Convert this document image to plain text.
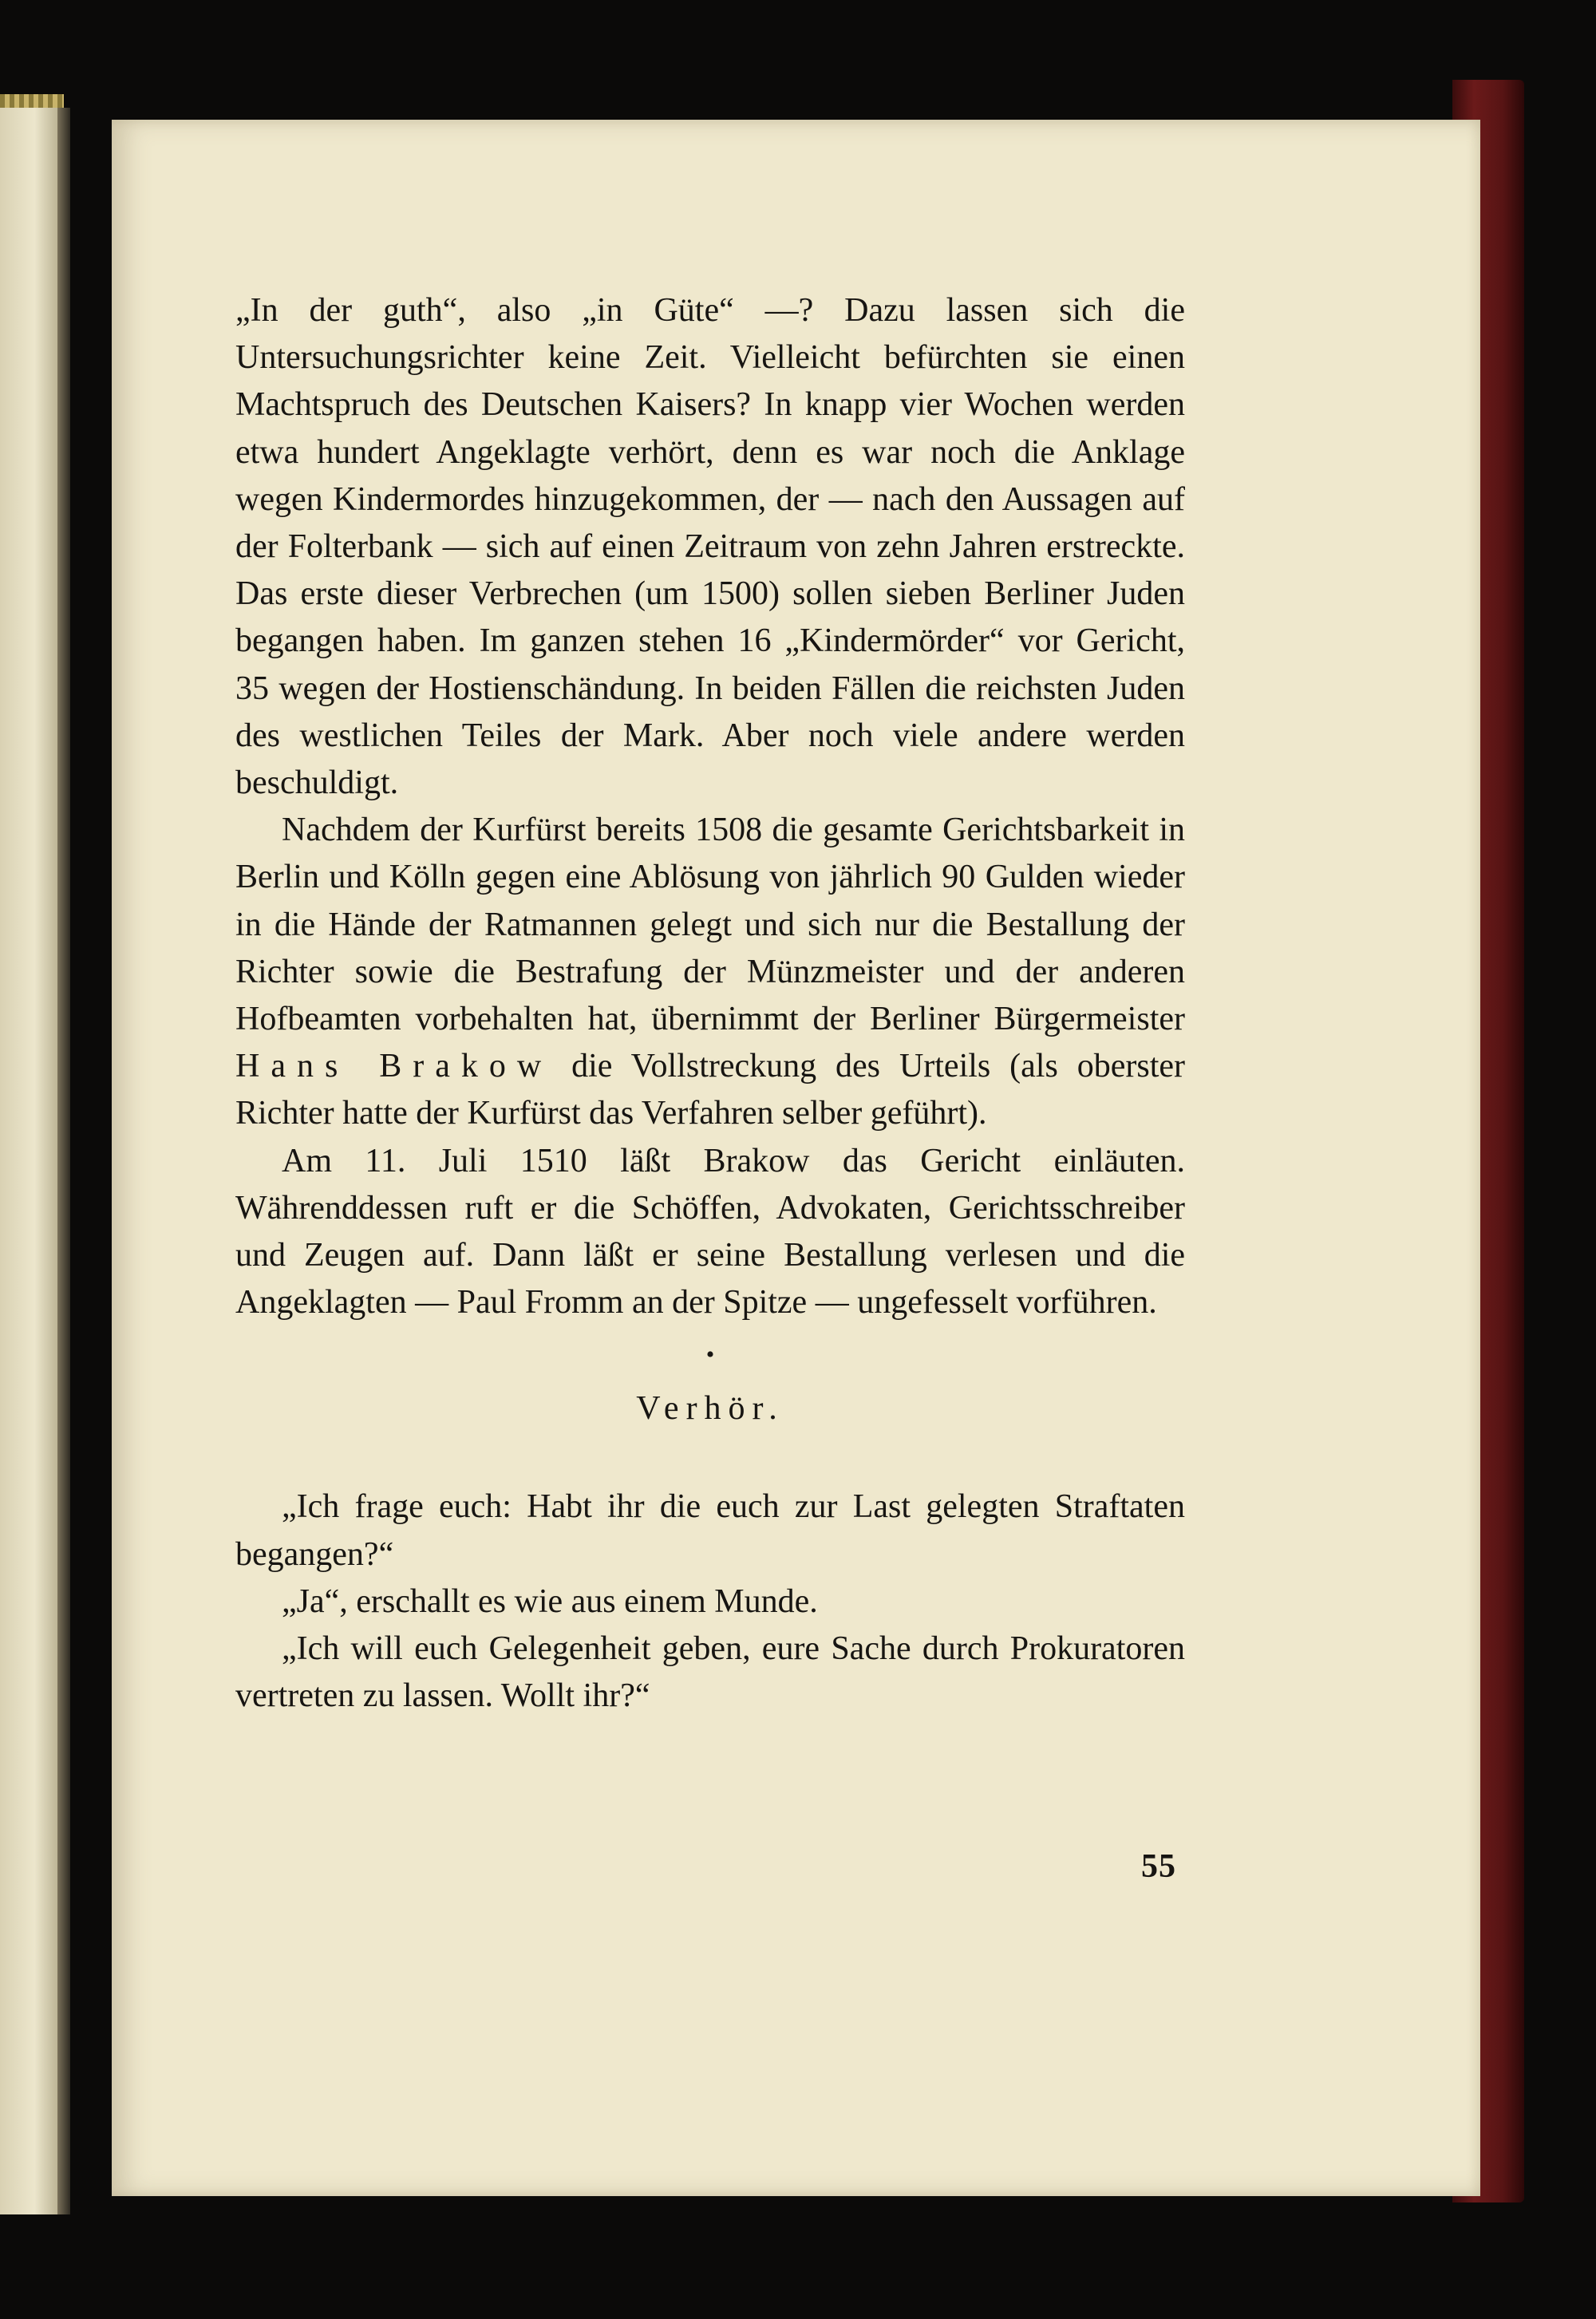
„In der guth“, also „in Güte“ —? Dazu lassen sich die Untersuchungsrichter keine Zeit. Vielleicht befürchten sie einen Machtspruch des Deutschen Kaisers? In knapp vier Wochen werden etwa hundert Angeklagte verhört, denn es war noch die Anklage wegen Kindermordes hinzugekommen, der — nach den Aussagen auf der Folterbank — sich auf einen Zeitraum von zehn Jahren erstreckte. Das erste dieser Verbrechen (um 1500) sollen sieben Berliner Juden begangen haben. Im ganzen stehen 16 „Kindermörder“ vor Gericht, 35 wegen der Hostienschändung. In beiden Fällen die reichsten Juden des westlichen Teiles der Mark. Aber noch viele andere werden beschuldigt.

Nachdem der Kurfürst bereits 1508 die gesamte Gerichtsbarkeit in Berlin und Kölln gegen eine Ablösung von jährlich 90 Gulden wieder in die Hände der Ratmannen gelegt und sich nur die Bestallung der Richter sowie die Bestrafung der Münzmeister und der anderen Hofbeamten vorbehalten hat, übernimmt der Berliner Bürgermeister Hans Brakow die Vollstreckung des Urteils (als oberster Richter hatte der Kurfürst das Verfahren selber geführt).

Am 11. Juli 1510 läßt Brakow das Gericht einläuten. Währenddessen ruft er die Schöffen, Advokaten, Gerichtsschreiber und Zeugen auf. Dann läßt er seine Bestallung verlesen und die Angeklagten — Paul Fromm an der Spitze — ungefesselt vorführen.

•
Verhör.

„Ich frage euch: Habt ihr die euch zur Last gelegten Straftaten begangen?“

„Ja“, erschallt es wie aus einem Munde.

„Ich will euch Gelegenheit geben, eure Sache durch Prokuratoren vertreten zu lassen. Wollt ihr?“

55
